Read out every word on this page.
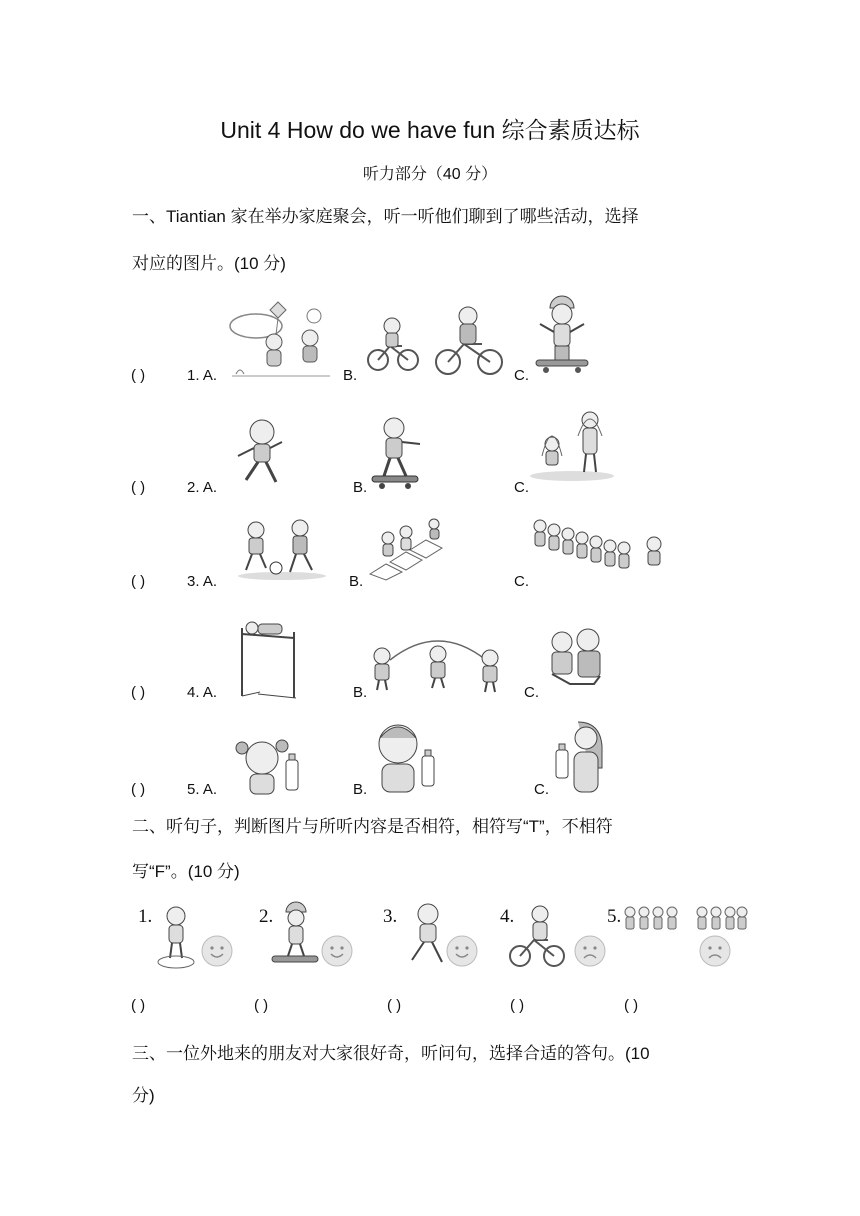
Unit 4 How do we have fun 综合素质达标
听力部分（40 分）
一、Tiantian 家在举办家庭聚会，听一听他们聊到了哪些活动，选择
对应的图片。(10 分)
( )	1. A.	B.	C.
( )	2. A.	B.	C.
( )	3. A.	B.	C.
( )	4. A.	B.	C.
( )	5. A.	B.	C.
二、听句子，判断图片与所听内容是否相符，相符写“T”，不相符
写“F”。(10 分)
1.	2.	3.	4.	5.
( )	( )	( )	( )	( )
三、一位外地来的朋友对大家很好奇，听问句，选择合适的答句。(10
分)
